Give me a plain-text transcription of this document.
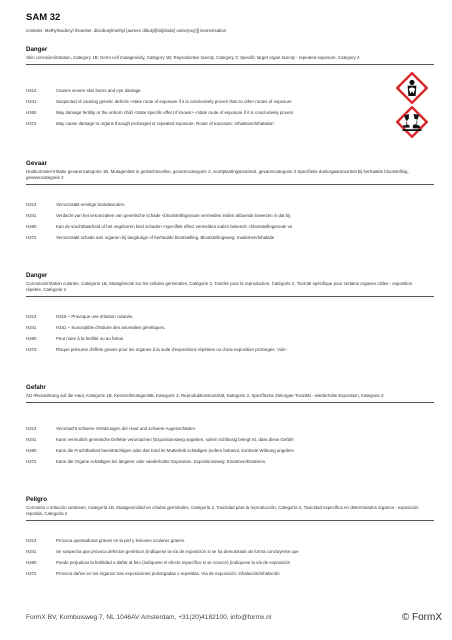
SAM 32
contains: Methylisodecyl thioester, diisobutylmethyl [aureen dibutyl[bis[diode] oxine(oxy)]] isomerisation
Danger
Skin corrosion/irritation, Category 1B; Germ cell mutagenicity, Category 1B; Reproductive toxicity, Category 2; Specific target organ toxicity - repeated exposure, Category 2
H314	Causes severe skin burns and eye damage.
H341	Suspected of causing genetic defects <state route of exposure if it is conclusively proven that no other routes of exposure
H360	May damage fertility or the unborn child <state specific effect if known> <state route of exposure if it is conclusively proven
H372	May cause damage to organs through prolonged or repeated exposure. Route of exposure: Inhalation/Inhalation
Gevaar
Huidcorrosie/-irritatie gevarencategorie 1B, Mutageniteit in geslachtscellen, gevarencategorie 2, voortplantingstoxiciteit, gevarencategorie 2 Specifieke doelorgaantoxiciteit bij herhaalde blootstelling, gevarencategorie 2
H314	Veroorzaakt ernstige brandwonden.
H341	Verdacht van het veroorzaken van genetische schade <blootstellingsroute vermelden indien afdoende bewezen is dat bij
H360	Kan de vruchtbaarheid of het ongeboren kind schaden <specifiek effect vermelden indien bekend> <blootstellingsroute ve
H372	Veroorzaakt schade aan organen bij langdurige of herhaalde blootstelling. Blootstellingsweg: Inademen/Inhalatie
Danger
Corrosion/irritation cutanée, Catégorie 1B, Mutagénicité sur les cellules germinales, Catégorie 2, Toxicité pour la reproduction, Catégorie 2, Toxicité spécifique pour certains organes cibles - exposition répétée, Catégorie 2
H314	H315 – Provoque une irritation cutanée.
H341	H341 – Susceptible d'induire des anomalies génétiques.
H360	Peut nuire à la fertilité ou au fœtus.
H373	Risque présumé d'effets graves pour les organes à la suite d'expositions répétées ou d'une exposition prolongée. Voie :
Gefahr
Ätz-/Reizwirkung auf die Haut, Kategorie 1B, Keimzellmutagenität, Kategorie 2, Reproduktionstoxizität, Kategorie 2, Spezifische Zielorgan-Toxizität - wiederholte Exposition, Kategorie 2
H314	Verursacht schwere Verätzungen der Haut und schwere Augenschäden.
H341	Kann vermutlich genetische Defekte verursachen (Expositionsweg angeben, sofern schlüssig belegt ist, dass diese Gefahr
H360	Kann die Fruchtbarkeit beeinträchtigen oder das Kind im Mutterleib schädigen (sofern bekannt, konkrete Wirkung angeben
H372	Kann die Organe schädigen bei längerer oder wiederholter Exposition. Expositionsweg: Einatmen/Einatmen.
Peligro
Corrosión o irritación cutáneas, Categoría 1B, Mutagenicidad en células germinales, Categoría 2, Toxicidad para la reproducción, Categoría 2, Toxicidad específica en determinados órganos - exposición repetida, Categoría 2
H314	Provoca quemaduras graves en la piel y lesiones oculares graves.
H341	Se sospecha que provoca defectos genéticos (indíquese la vía de exposición si se ha demostrado de forma concluyente que
H360	Puede perjudicar la fertilidad o dañar al feto (indíquese el efecto específico si se conoce) (indíquese la vía de exposición
H372	Provoca daños en los órganos tras exposiciones prolongadas o repetidas. Vía de exposición: Inhalación/Inhalación
FormX BV, Kombuisweg 7, NL 1046AV Amsterdam, +31(20)4182100, info@formx.nl	© FormX
